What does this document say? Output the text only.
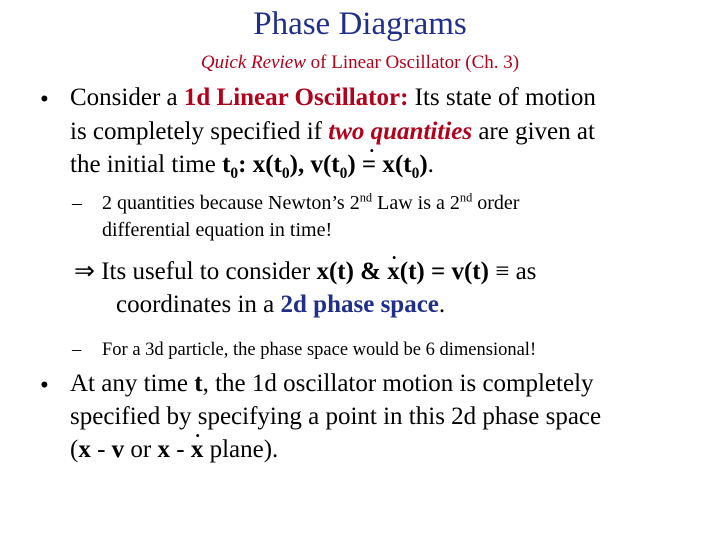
Phase Diagrams
Quick Review of Linear Oscillator (Ch. 3)
• Consider a 1d Linear Oscillator: Its state of motion
is completely specified if two quantities are given at
the initial time $t_0$: $x(t_0)$, $v(t_0•$ ) = $x(t_0)$.
– 2 quantities because Newton’s 2nd Law is a 2nd order
differential equation in time!
⇒ Its useful to consider x(t) & • x(t) = v(t) ≡ as
coordinates in a 2d phase space.
– For a 3d particle, the phase space would be 6 dimensional!
• At any time t, the 1d oscillator motion is completely
specified by specifying a point in this 2d phase space
(x - v or x - • x plane).
